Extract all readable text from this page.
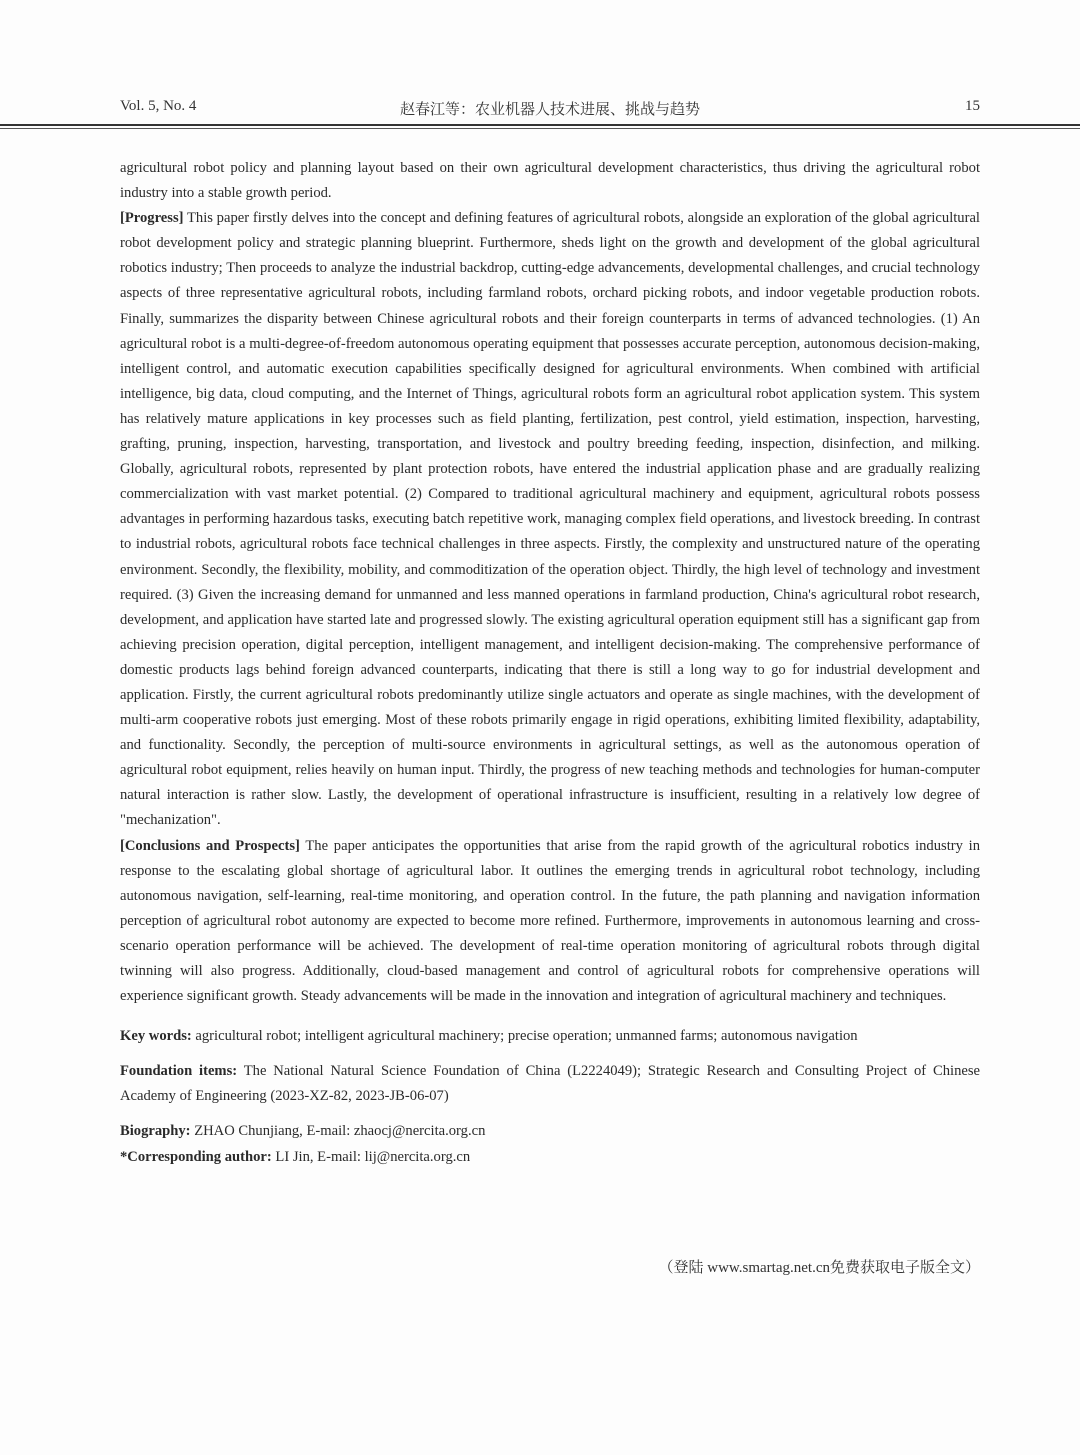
Vol. 5, No. 4	赵春江等：农业机器人技术进展、挑战与趋势	15

agricultural robot policy and planning layout based on their own agricultural development characteristics, thus driving the agricultural robot industry into a stable growth period.

[Progress] This paper firstly delves into the concept and defining features of agricultural robots, alongside an exploration of the global agricultural robot development policy and strategic planning blueprint. Furthermore, sheds light on the growth and development of the global agricultural robotics industry; Then proceeds to analyze the industrial backdrop, cutting-edge advancements, developmental challenges, and crucial technology aspects of three representative agricultural robots, including farmland robots, orchard picking robots, and indoor vegetable production robots. Finally, summarizes the disparity between Chinese agricultural robots and their foreign counterparts in terms of advanced technologies. (1) An agricultural robot is a multi-degree-of-freedom autonomous operating equipment that possesses accurate perception, autonomous decision-making, intelligent control, and automatic execution capabilities specifically designed for agricultural environments. When combined with artificial intelligence, big data, cloud computing, and the Internet of Things, agricultural robots form an agricultural robot application system. This system has relatively mature applications in key processes such as field planting, fertilization, pest control, yield estimation, inspection, harvesting, grafting, pruning, inspection, harvesting, transportation, and livestock and poultry breeding feeding, inspection, disinfection, and milking. Globally, agricultural robots, represented by plant protection robots, have entered the industrial application phase and are gradually realizing commercialization with vast market potential. (2) Compared to traditional agricultural machinery and equipment, agricultural robots possess advantages in performing hazardous tasks, executing batch repetitive work, managing complex field operations, and livestock breeding. In contrast to industrial robots, agricultural robots face technical challenges in three aspects. Firstly, the complexity and unstructured nature of the operating environment. Secondly, the flexibility, mobility, and commoditization of the operation object. Thirdly, the high level of technology and investment required. (3) Given the increasing demand for unmanned and less manned operations in farmland production, China's agricultural robot research, development, and application have started late and progressed slowly. The existing agricultural operation equipment still has a significant gap from achieving precision operation, digital perception, intelligent management, and intelligent decision-making. The comprehensive performance of domestic products lags behind foreign advanced counterparts, indicating that there is still a long way to go for industrial development and application. Firstly, the current agricultural robots predominantly utilize single actuators and operate as single machines, with the development of multi-arm cooperative robots just emerging. Most of these robots primarily engage in rigid operations, exhibiting limited flexibility, adaptability, and functionality. Secondly, the perception of multi-source environments in agricultural settings, as well as the autonomous operation of agricultural robot equipment, relies heavily on human input. Thirdly, the progress of new teaching methods and technologies for human-computer natural interaction is rather slow. Lastly, the development of operational infrastructure is insufficient, resulting in a relatively low degree of "mechanization".

[Conclusions and Prospects] The paper anticipates the opportunities that arise from the rapid growth of the agricultural robotics industry in response to the escalating global shortage of agricultural labor. It outlines the emerging trends in agricultural robot technology, including autonomous navigation, self-learning, real-time monitoring, and operation control. In the future, the path planning and navigation information perception of agricultural robot autonomy are expected to become more refined. Furthermore, improvements in autonomous learning and cross-scenario operation performance will be achieved. The development of real-time operation monitoring of agricultural robots through digital twinning will also progress. Additionally, cloud-based management and control of agricultural robots for comprehensive operations will experience significant growth. Steady advancements will be made in the innovation and integration of agricultural machinery and techniques.

Key words: agricultural robot; intelligent agricultural machinery; precise operation; unmanned farms; autonomous navigation

Foundation items: The National Natural Science Foundation of China (L2224049); Strategic Research and Consulting Project of Chinese Academy of Engineering (2023-XZ-82, 2023-JB-06-07)

Biography: ZHAO Chunjiang, E-mail: zhaocj@nercita.org.cn

*Corresponding author: LI Jin, E-mail: lij@nercita.org.cn

（登陆 www.smartag.net.cn免费获取电子版全文）
